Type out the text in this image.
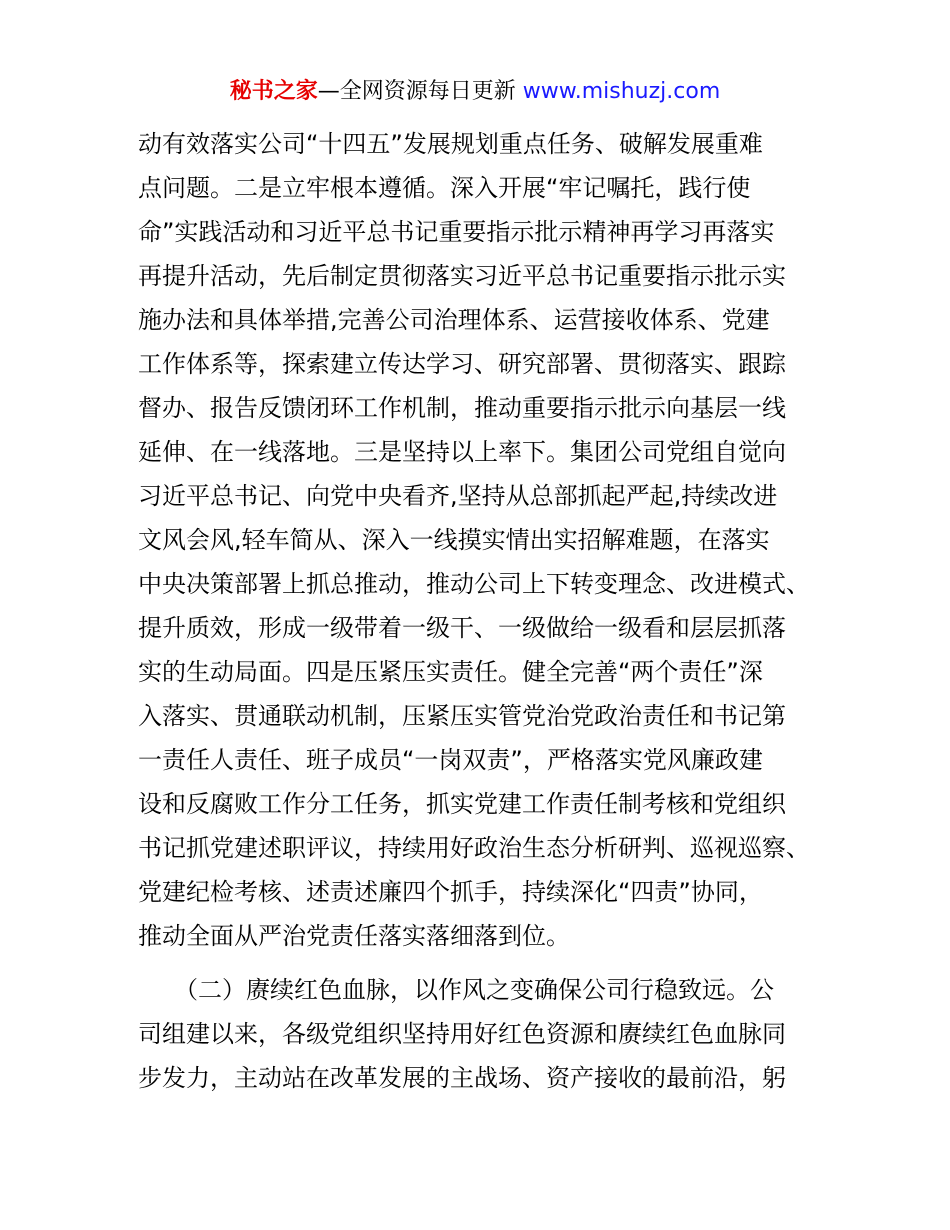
秘书之家—全网资源每日更新 www.mishuzj.com
动有效落实公司“十四五”发展规划重点任务、破解发展重难
点问题。二是立牢根本遵循。深入开展“牢记嘱托，践行使
命”实践活动和习近平总书记重要指示批示精神再学习再落实
再提升活动，先后制定贯彻落实习近平总书记重要指示批示实
施办法和具体举措,完善公司治理体系、运营接收体系、党建
工作体系等，探索建立传达学习、研究部署、贯彻落实、跟踪
督办、报告反馈闭环工作机制，推动重要指示批示向基层一线
延伸、在一线落地。三是坚持以上率下。集团公司党组自觉向
习近平总书记、向党中央看齐,坚持从总部抓起严起,持续改进
文风会风,轻车简从、深入一线摸实情出实招解难题，在落实
中央决策部署上抓总推动，推动公司上下转变理念、改进模式、
提升质效，形成一级带着一级干、一级做给一级看和层层抓落
实的生动局面。四是压紧压实责任。健全完善“两个责任”深
入落实、贯通联动机制，压紧压实管党治党政治责任和书记第
一责任人责任、班子成员“一岗双责”，严格落实党风廉政建
设和反腐败工作分工任务，抓实党建工作责任制考核和党组织
书记抓党建述职评议，持续用好政治生态分析研判、巡视巡察、
党建纪检考核、述责述廉四个抓手，持续深化“四责”协同，
推动全面从严治党责任落实落细落到位。
　　（二）赓续红色血脉，以作风之变确保公司行稳致远。公
司组建以来，各级党组织坚持用好红色资源和赓续红色血脉同
步发力，主动站在改革发展的主战场、资产接收的最前沿，躬
